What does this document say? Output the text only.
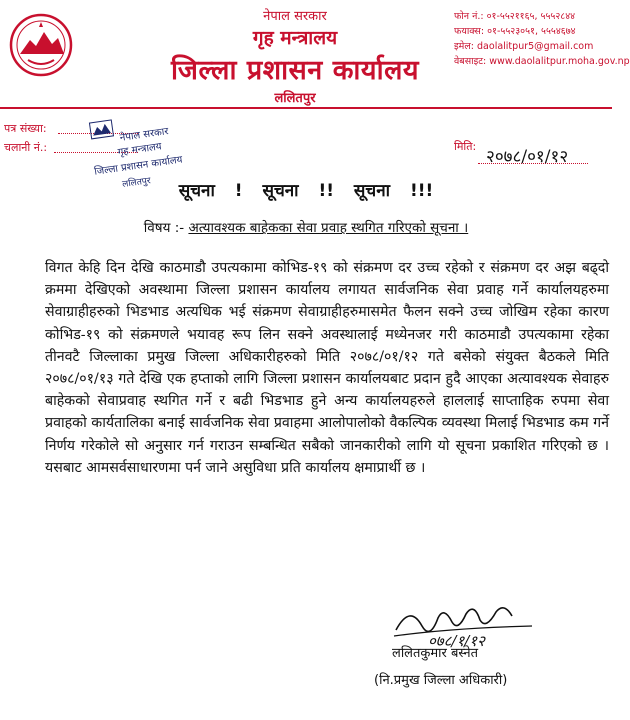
नेपाल सरकार
गृह मन्त्रालय
जिल्ला प्रशासन कार्यालय
ललितपुर
फोन नं.: ०१-५५२११६५, ५५५२८४४
फयाक्स: ०१-५५२३०५१, ५५५४६७४
इमेल: daolalitpur5@gmail.com
वेबसाइट: www.daolalitpur.moha.gov.np
पत्र संख्या:
चलानी नं.:
नेपाल सरकार
गृह मन्त्रालय
जिल्ला प्रशासन कार्यालय
ललितपुर
मिति:
२०७८/०१/१२
सूचना ! सूचना !! सूचना !!!
विषय :- अत्यावश्यक बाहेकका सेवा प्रवाह स्थगित गरिएको सूचना ।

विगत केहि दिन देखि काठमाडौ उपत्यकामा कोभिड-१९ को संक्रमण दर उच्च रहेको र संक्रमण दर अझ बढ्दो क्रममा देखिएको अवस्थामा जिल्ला प्रशासन कार्यालय लगायत सार्वजनिक सेवा प्रवाह गर्ने कार्यालयहरुमा सेवाग्राहीहरुको भिडभाड अत्यधिक भई संक्रमण सेवाग्राहीहरुमासमेत फैलन सक्ने उच्च जोखिम रहेका कारण कोभिड-१९ को संक्रमणले भयावह रूप लिन सक्ने अवस्थालाई मध्येनजर गरी काठमाडौ उपत्यकामा रहेका तीनवटै जिल्लाका प्रमुख जिल्ला अधिकारीहरुको मिति २०७८/०१/१२ गते बसेको संयुक्त बैठकले मिति २०७८/०१/१३ गते देखि एक हप्ताको लागि जिल्ला प्रशासन कार्यालयबाट प्रदान हुदै आएका अत्यावश्यक सेवाहरु बाहेकको सेवाप्रवाह स्थगित गर्ने र बढी भिडभाड हुने अन्य कार्यालयहरुले हाललाई साप्ताहिक रुपमा सेवा प्रवाहको कार्यतालिका बनाई सार्वजनिक सेवा प्रवाहमा आलोपालोको वैकल्पिक व्यवस्था मिलाई भिडभाड कम गर्ने निर्णय गरेकोले सो अनुसार गर्न गराउन सम्बन्धित सबैको जानकारीको लागि यो सूचना प्रकाशित गरिएको छ । यसबाट आमसर्वसाधारणमा पर्न जाने असुविधा प्रति कार्यालय क्षमाप्रार्थी छ ।

०७८/१/१२
ललितकुमार बस्नेत
(नि.प्रमुख जिल्ला अधिकारी)
